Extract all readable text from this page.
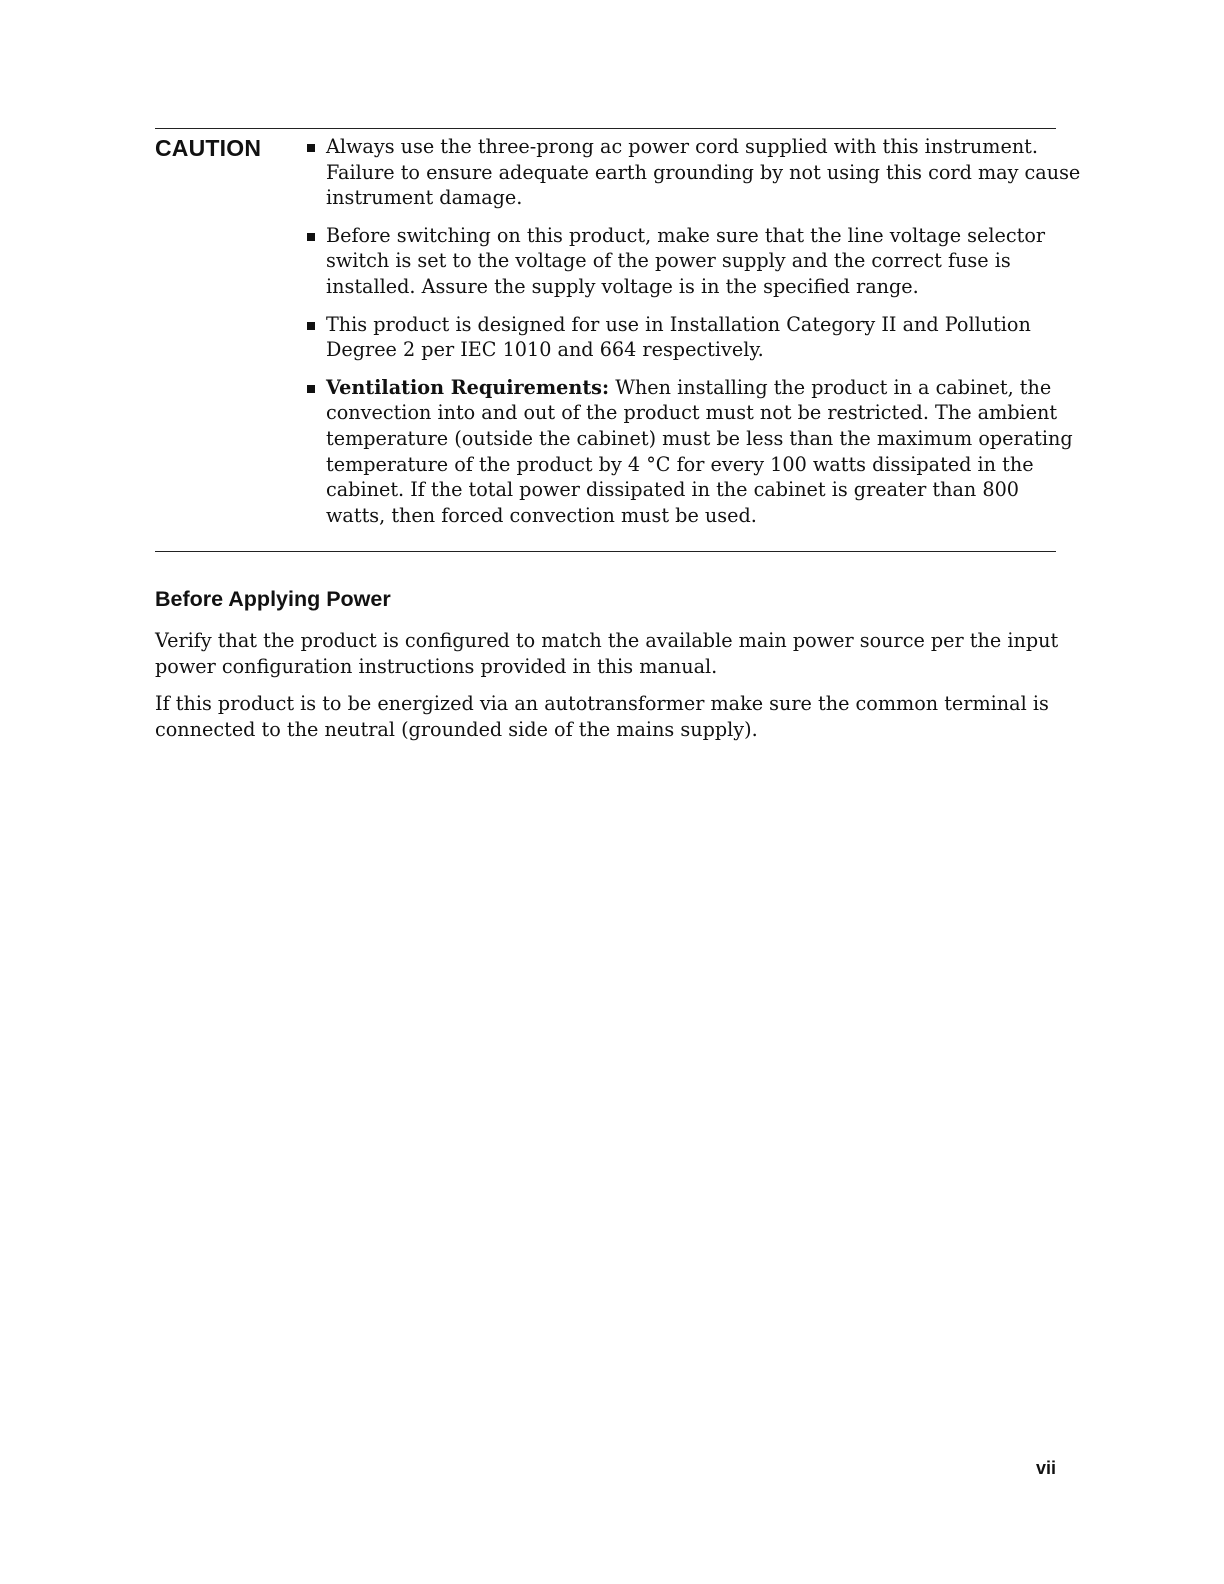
CAUTION	Always use the three-prong ac power cord supplied with this instrument.
Failure to ensure adequate earth grounding by not using this cord may cause
instrument damage.
Before switching on this product, make sure that the line voltage selector
switch is set to the voltage of the power supply and the correct fuse is
installed. Assure the supply voltage is in the specified range.
This product is designed for use in Installation Category II and Pollution
Degree 2 per IEC 1010 and 664 respectively.
Ventilation Requirements: When installing the product in a cabinet, the
convection into and out of the product must not be restricted. The ambient
temperature (outside the cabinet) must be less than the maximum operating
temperature of the product by 4 °C for every 100 watts dissipated in the
cabinet. If the total power dissipated in the cabinet is greater than 800
watts, then forced convection must be used.
Before Applying Power

Verify that the product is configured to match the available main power source per the input
power configuration instructions provided in this manual.

If this product is to be energized via an autotransformer make sure the common terminal is
connected to the neutral (grounded side of the mains supply).

vii
